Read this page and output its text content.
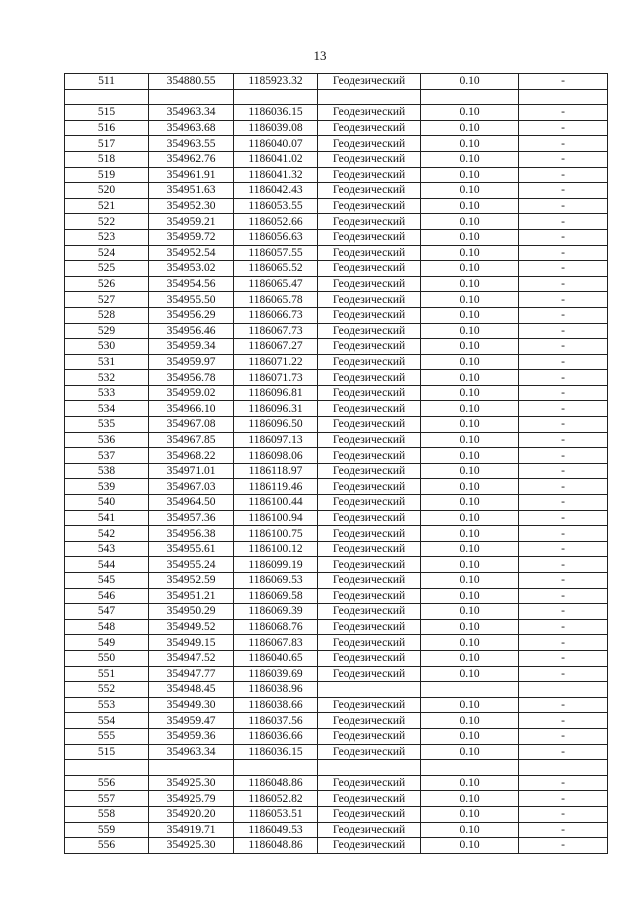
13
511	354880.55	1185923.32	Геодезический	0.10	-

515	354963.34	1186036.15	Геодезический	0.10	-
516	354963.68	1186039.08	Геодезический	0.10	-
517	354963.55	1186040.07	Геодезический	0.10	-
518	354962.76	1186041.02	Геодезический	0.10	-
519	354961.91	1186041.32	Геодезический	0.10	-
520	354951.63	1186042.43	Геодезический	0.10	-
521	354952.30	1186053.55	Геодезический	0.10	-
522	354959.21	1186052.66	Геодезический	0.10	-
523	354959.72	1186056.63	Геодезический	0.10	-
524	354952.54	1186057.55	Геодезический	0.10	-
525	354953.02	1186065.52	Геодезический	0.10	-
526	354954.56	1186065.47	Геодезический	0.10	-
527	354955.50	1186065.78	Геодезический	0.10	-
528	354956.29	1186066.73	Геодезический	0.10	-
529	354956.46	1186067.73	Геодезический	0.10	-
530	354959.34	1186067.27	Геодезический	0.10	-
531	354959.97	1186071.22	Геодезический	0.10	-
532	354956.78	1186071.73	Геодезический	0.10	-
533	354959.02	1186096.81	Геодезический	0.10	-
534	354966.10	1186096.31	Геодезический	0.10	-
535	354967.08	1186096.50	Геодезический	0.10	-
536	354967.85	1186097.13	Геодезический	0.10	-
537	354968.22	1186098.06	Геодезический	0.10	-
538	354971.01	1186118.97	Геодезический	0.10	-
539	354967.03	1186119.46	Геодезический	0.10	-
540	354964.50	1186100.44	Геодезический	0.10	-
541	354957.36	1186100.94	Геодезический	0.10	-
542	354956.38	1186100.75	Геодезический	0.10	-
543	354955.61	1186100.12	Геодезический	0.10	-
544	354955.24	1186099.19	Геодезический	0.10	-
545	354952.59	1186069.53	Геодезический	0.10	-
546	354951.21	1186069.58	Геодезический	0.10	-
547	354950.29	1186069.39	Геодезический	0.10	-
548	354949.52	1186068.76	Геодезический	0.10	-
549	354949.15	1186067.83	Геодезический	0.10	-
550	354947.52	1186040.65	Геодезический	0.10	-
551	354947.77	1186039.69	Геодезический	0.10	-
552	354948.45	1186038.96			
553	354949.30	1186038.66	Геодезический	0.10	-
554	354959.47	1186037.56	Геодезический	0.10	-
555	354959.36	1186036.66	Геодезический	0.10	-
515	354963.34	1186036.15	Геодезический	0.10	-

556	354925.30	1186048.86	Геодезический	0.10	-
557	354925.79	1186052.82	Геодезический	0.10	-
558	354920.20	1186053.51	Геодезический	0.10	-
559	354919.71	1186049.53	Геодезический	0.10	-
556	354925.30	1186048.86	Геодезический	0.10	-
